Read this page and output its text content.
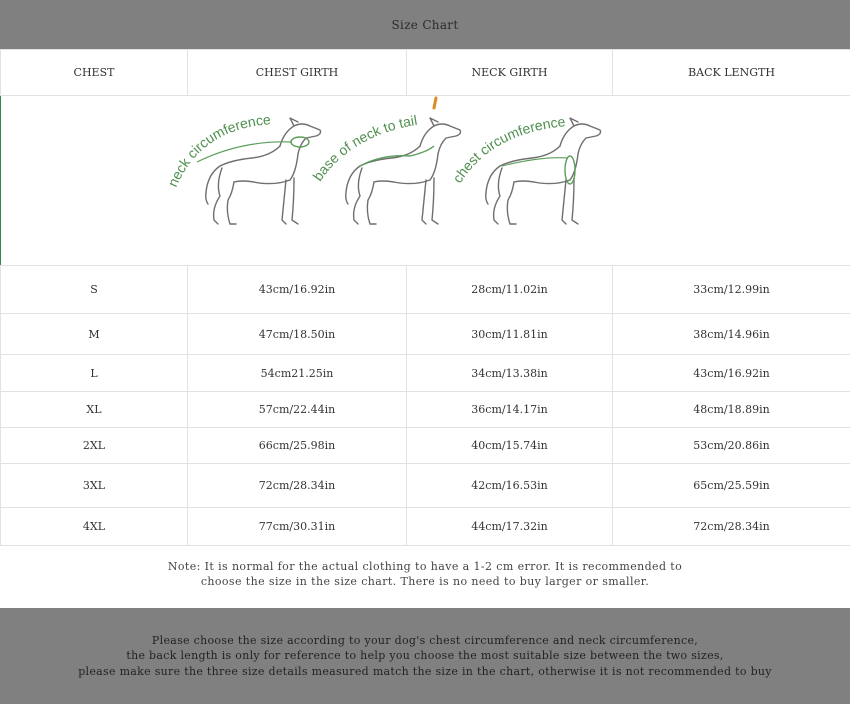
Size Chart
CHEST	CHEST GIRTH	NECK GIRTH	BACK LENGTH

neck circumference
base of neck to tail
chest circumference			

S	43cm/16.92in	28cm/11.02in	33cm/12.99in
M	47cm/18.50in	30cm/11.81in	38cm/14.96in
L	54cm21.25in	34cm/13.38in	43cm/16.92in
XL	57cm/22.44in	36cm/14.17in	48cm/18.89in
2XL	66cm/25.98in	40cm/15.74in	53cm/20.86in
3XL	72cm/28.34in	42cm/16.53in	65cm/25.59in
4XL	77cm/30.31in	44cm/17.32in	72cm/28.34in
Note: It is normal for the actual clothing to have a 1-2 cm error. It is recommended to
choose the size in the size chart. There is no need to buy larger or smaller.
Please choose the size according to your dog's chest circumference and neck circumference,
the back length is only for reference to help you choose the most suitable size between the two sizes,
please make sure the three size details measured match the size in the chart, otherwise it is not recommended to buy
